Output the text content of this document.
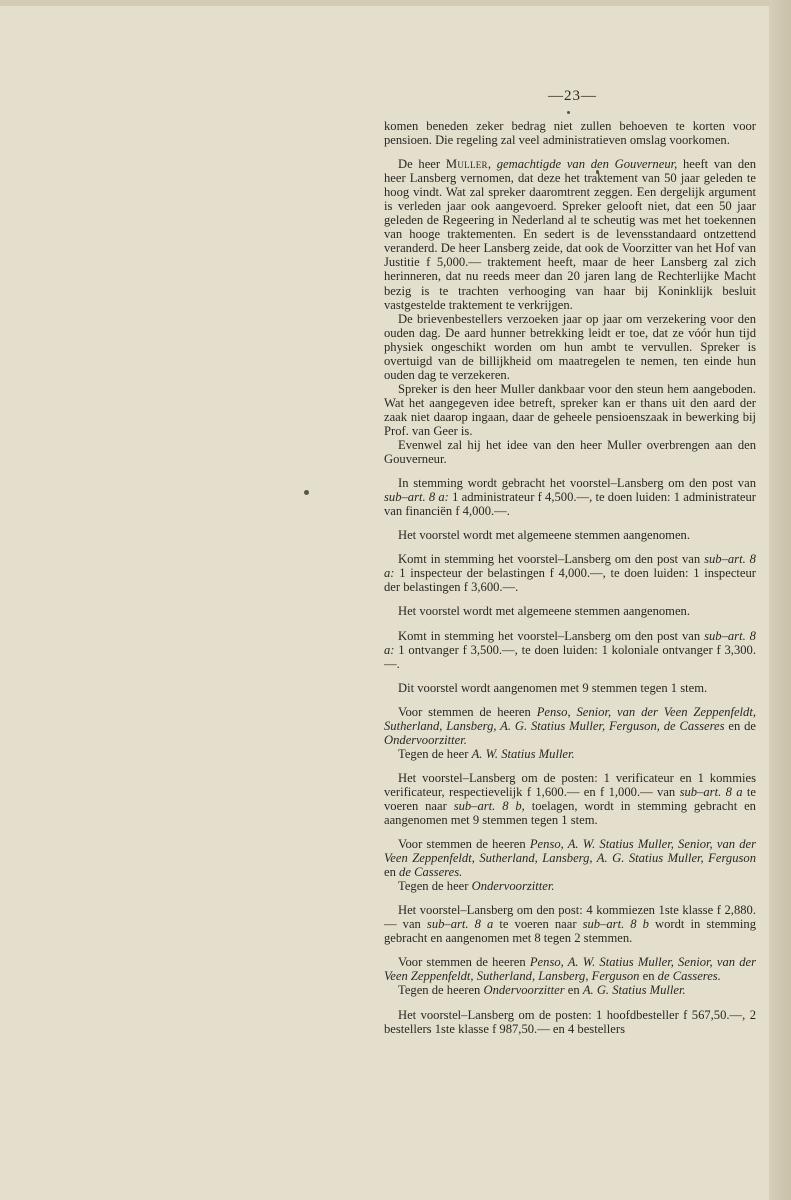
—23—

komen beneden zeker bedrag niet zullen behoeven te korten voor pensioen. Die regeling zal veel administratieven omslag voorkomen.

De heer Muller, gemachtigde van den Gouverneur, heeft van den heer Lansberg vernomen, dat deze het traktement van 50 jaar geleden te hoog vindt. Wat zal spreker daaromtrent zeggen. Een dergelijk argument is verleden jaar ook aangevoerd. Spreker gelooft niet, dat een 50 jaar geleden de Regeering in Nederland al te scheutig was met het toekennen van hooge traktementen. En sedert is de levensstandaard ontzettend veranderd. De heer Lansberg zeide, dat ook de Voorzitter van het Hof van Justitie f 5,000.— traktement heeft, maar de heer Lansberg zal zich herinneren, dat nu reeds meer dan 20 jaren lang de Rechterlijke Macht bezig is te trachten verhooging van haar bij Koninklijk besluit vastgestelde traktement te verkrijgen.

De brievenbestellers verzoeken jaar op jaar om verzekering voor den ouden dag. De aard hunner betrekking leidt er toe, dat ze vóór hun tijd physiek ongeschikt worden om hun ambt te vervullen. Spreker is overtuigd van de billijkheid om maatregelen te nemen, ten einde hun ouden dag te verzekeren.

Spreker is den heer Muller dankbaar voor den steun hem aangeboden. Wat het aangegeven idee betreft, spreker kan er thans uit den aard der zaak niet daarop ingaan, daar de geheele pensioenszaak in bewerking bij Prof. van Geer is.

Evenwel zal hij het idee van den heer Muller overbrengen aan den Gouverneur.

In stemming wordt gebracht het voorstel–Lansberg om den post van sub–art. 8 a: 1 administrateur f 4,500.—, te doen luiden: 1 administrateur van financiën f 4,000.—.

Het voorstel wordt met algemeene stemmen aangenomen.

Komt in stemming het voorstel–Lansberg om den post van sub–art. 8 a: 1 inspecteur der belastingen f 4,000.—, te doen luiden: 1 inspecteur der belastingen f 3,600.—.

Het voorstel wordt met algemeene stemmen aangenomen.

Komt in stemming het voorstel–Lansberg om den post van sub–art. 8 a: 1 ontvanger f 3,500.—, te doen luiden: 1 koloniale ontvanger f 3,300.—.

Dit voorstel wordt aangenomen met 9 stemmen tegen 1 stem.

Voor stemmen de heeren Penso, Senior, van der Veen Zeppenfeldt, Sutherland, Lansberg, A. G. Statius Muller, Ferguson, de Casseres en de Ondervoorzitter.

Tegen de heer A. W. Statius Muller.

Het voorstel–Lansberg om de posten: 1 verificateur en 1 kommies verificateur, respectievelijk f 1,600.— en f 1,000.— van sub–art. 8 a te voeren naar sub–art. 8 b, toelagen, wordt in stemming gebracht en aangenomen met 9 stemmen tegen 1 stem.

Voor stemmen de heeren Penso, A. W. Statius Muller, Senior, van der Veen Zeppenfeldt, Sutherland, Lansberg, A. G. Statius Muller, Ferguson en de Casseres.

Tegen de heer Ondervoorzitter.

Het voorstel–Lansberg om den post: 4 kommiezen 1ste klasse f 2,880.— van sub–art. 8 a te voeren naar sub–art. 8 b wordt in stemming gebracht en aangenomen met 8 tegen 2 stemmen.

Voor stemmen de heeren Penso, A. W. Statius Muller, Senior, van der Veen Zeppenfeldt, Sutherland, Lansberg, Ferguson en de Casseres.

Tegen de heeren Ondervoorzitter en A. G. Statius Muller.

Het voorstel–Lansberg om de posten: 1 hoofdbesteller f 567,50.—, 2 bestellers 1ste klasse f 987,50.— en 4 bestellers
